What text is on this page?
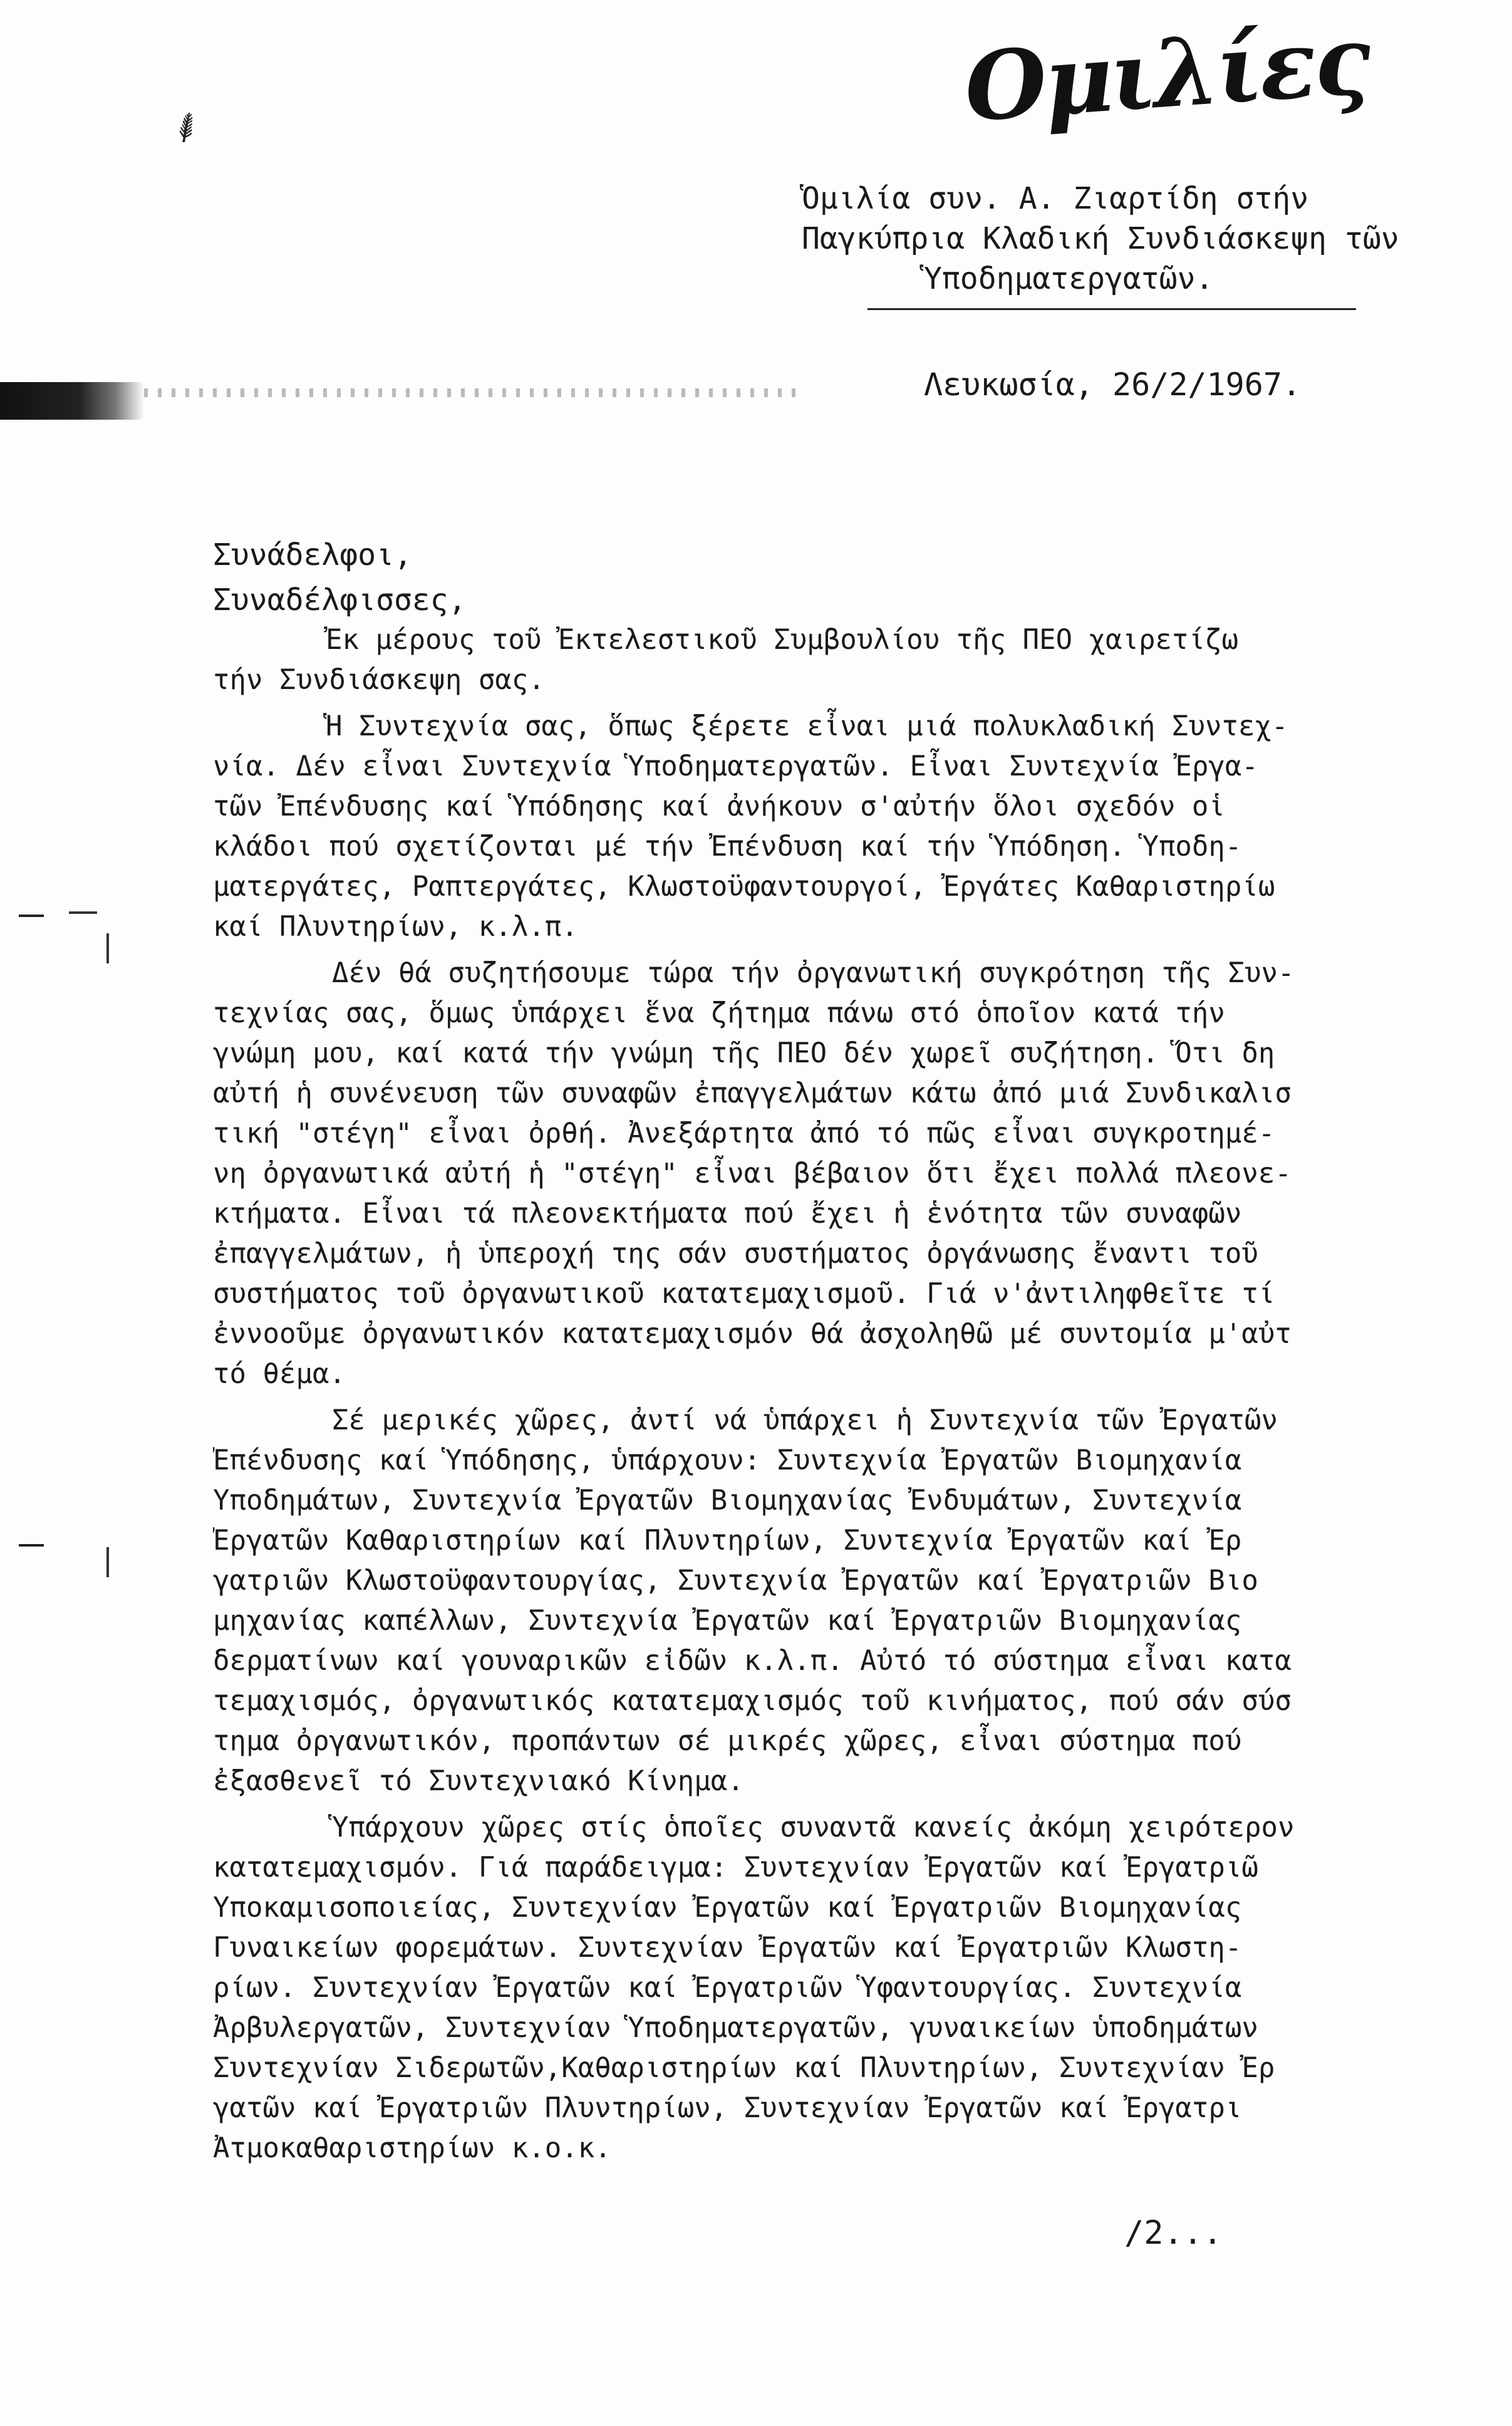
⸙	Ομιλίες
Ὁμιλία συν. Α. Ζιαρτίδη στήν
Παγκύπρια Κλαδική Συνδιάσκεψη τῶν
Ὑποδηματεργατῶν.
Λευκωσία, 26/2/1967.
Συνάδελφοι,
Συναδέλφισσες,
Ἐκ μέρους τοῦ Ἐκτελεστικοῦ Συμβουλίου τῆς ΠΕΟ χαιρετίζω
τήν Συνδιάσκεψη σας.
Ἡ Συντεχνία σας, ὅπως ξέρετε εἶναι μιά πολυκλαδική Συντεχ-
νία. Δέν εἶναι Συντεχνία Ὑποδηματεργατῶν. Εἶναι Συντεχνία Ἐργα-
τῶν Ἐπένδυσης καί Ὑπόδησης καί ἀνήκουν σ'αὐτήν ὅλοι σχεδόν οἱ
κλάδοι πού σχετίζονται μέ τήν Ἐπένδυση καί τήν Ὑπόδηση. Ὑποδη-
ματεργάτες, Ραπτεργάτες, Κλωστοϋφαντουργοί, Ἐργάτες Καθαριστηρίω
καί Πλυντηρίων, κ.λ.π.
Δέν θά συζητήσουμε τώρα τήν ὀργανωτική συγκρότηση τῆς Συν-
τεχνίας σας, ὅμως ὑπάρχει ἕνα ζήτημα πάνω στό ὁποῖον κατά τήν
γνώμη μου, καί κατά τήν γνώμη τῆς ΠΕΟ δέν χωρεῖ συζήτηση. Ὅτι δη
αὐτή ἡ συνένευση τῶν συναφῶν ἐπαγγελμάτων κάτω ἀπό μιά Συνδικαλισ
τική "στέγη" εἶναι ὀρθή. Ἀνεξάρτητα ἀπό τό πῶς εἶναι συγκροτημέ-
νη ὀργανωτικά αὐτή ἡ "στέγη" εἶναι βέβαιον ὅτι ἔχει πολλά πλεονε-
κτήματα. Εἶναι τά πλεονεκτήματα πού ἔχει ἡ ἑνότητα τῶν συναφῶν
ἐπαγγελμάτων, ἡ ὑπεροχή της σάν συστήματος ὀργάνωσης ἔναντι τοῦ
συστήματος τοῦ ὀργανωτικοῦ κατατεμαχισμοῦ. Γιά ν'ἀντιληφθεῖτε τί
ἐννοοῦμε ὀργανωτικόν κατατεμαχισμόν θά ἀσχοληθῶ μέ συντομία μ'αὐτ
τό θέμα.
Σέ μερικές χῶρες, ἀντί νά ὑπάρχει ἡ Συντεχνία τῶν Ἐργατῶν
Ἐπένδυσης καί Ὑπόδησης, ὑπάρχουν: Συντεχνία Ἐργατῶν Βιομηχανία
Ὑποδημάτων, Συντεχνία Ἐργατῶν Βιομηχανίας Ἐνδυμάτων, Συντεχνία
Ἐργατῶν Καθαριστηρίων καί Πλυντηρίων, Συντεχνία Ἐργατῶν καί Ἐρ
γατριῶν Κλωστοϋφαντουργίας, Συντεχνία Ἐργατῶν καί Ἐργατριῶν Βιο
μηχανίας καπέλλων, Συντεχνία Ἐργατῶν καί Ἐργατριῶν Βιομηχανίας
δερματίνων καί γουναρικῶν εἰδῶν κ.λ.π. Αὐτό τό σύστημα εἶναι κατα
τεμαχισμός, ὀργανωτικός κατατεμαχισμός τοῦ κινήματος, πού σάν σύσ
τημα ὀργανωτικόν, προπάντων σέ μικρές χῶρες, εἶναι σύστημα πού
ἐξασθενεῖ τό Συντεχνιακό Κίνημα.
Ὑπάρχουν χῶρες στίς ὁποῖες συναντᾶ κανείς ἀκόμη χειρότερον
κατατεμαχισμόν. Γιά παράδειγμα: Συντεχνίαν Ἐργατῶν καί Ἐργατριῶ
Ὑποκαμισοποιείας, Συντεχνίαν Ἐργατῶν καί Ἐργατριῶν Βιομηχανίας
Γυναικείων φορεμάτων. Συντεχνίαν Ἐργατῶν καί Ἐργατριῶν Κλωστη-
ρίων. Συντεχνίαν Ἐργατῶν καί Ἐργατριῶν Ὑφαντουργίας. Συντεχνία
Ἀρβυλεργατῶν, Συντεχνίαν Ὑποδηματεργατῶν, γυναικείων ὑποδημάτων
Συντεχνίαν Σιδερωτῶν,Καθαριστηρίων καί Πλυντηρίων, Συντεχνίαν Ἐρ
γατῶν καί Ἐργατριῶν Πλυντηρίων, Συντεχνίαν Ἐργατῶν καί Ἐργατρι
Ἀτμοκαθαριστηρίων κ.ο.κ.
/2...
